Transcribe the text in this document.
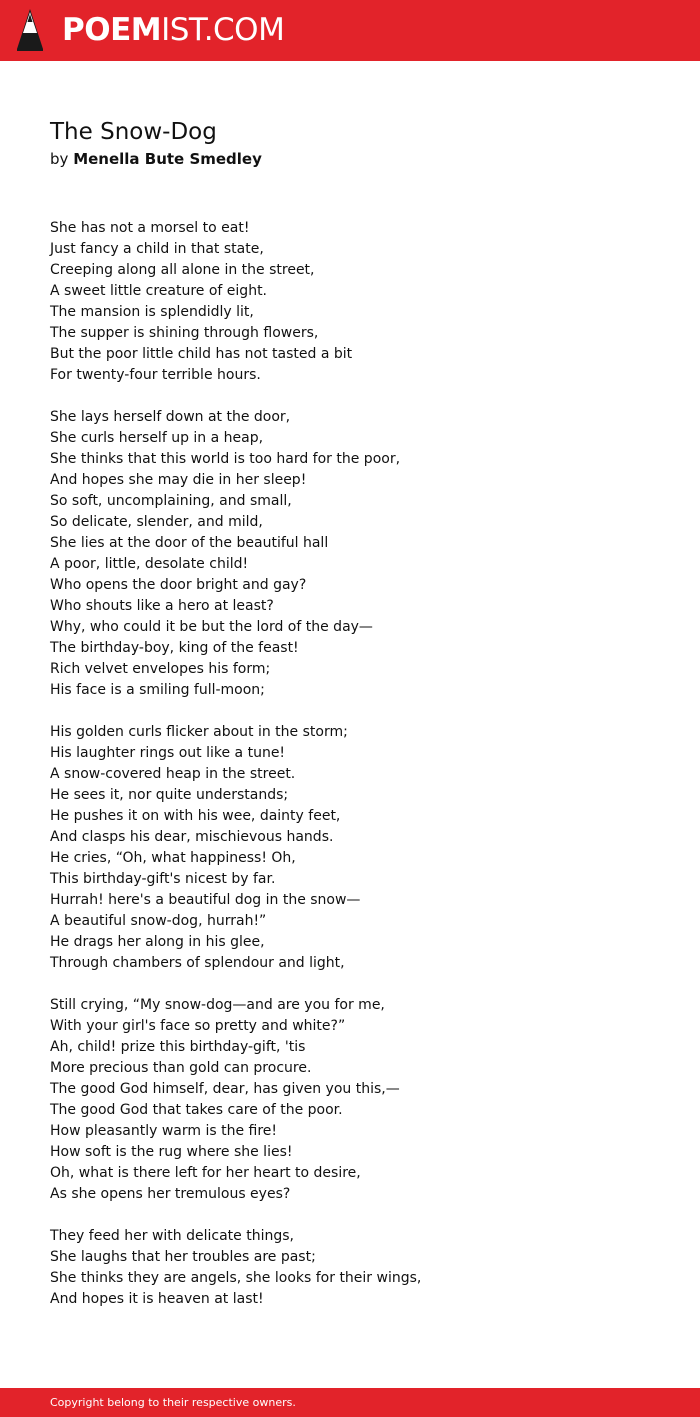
POEMIST.COM
The Snow-Dog
by Menella Bute Smedley
She has not a morsel to eat!
Just fancy a child in that state,
Creeping along all alone in the street,
A sweet little creature of eight.
The mansion is splendidly lit,
The supper is shining through flowers,
But the poor little child has not tasted a bit
For twenty-four terrible hours.
She lays herself down at the door,
She curls herself up in a heap,
She thinks that this world is too hard for the poor,
And hopes she may die in her sleep!
So soft, uncomplaining, and small,
So delicate, slender, and mild,
She lies at the door of the beautiful hall
A poor, little, desolate child!
Who opens the door bright and gay?
Who shouts like a hero at least?
Why, who could it be but the lord of the day—
The birthday-boy, king of the feast!
Rich velvet envelopes his form;
His face is a smiling full-moon;
His golden curls flicker about in the storm;
His laughter rings out like a tune!
A snow-covered heap in the street.
He sees it, nor quite understands;
He pushes it on with his wee, dainty feet,
And clasps his dear, mischievous hands.
He cries, “Oh, what happiness! Oh,
This birthday-gift's nicest by far.
Hurrah! here's a beautiful dog in the snow—
A beautiful snow-dog, hurrah!”
He drags her along in his glee,
Through chambers of splendour and light,
Still crying, “My snow-dog—and are you for me,
With your girl's face so pretty and white?”
Ah, child! prize this birthday-gift, 'tis
More precious than gold can procure.
The good God himself, dear, has given you this,—
The good God that takes care of the poor.
How pleasantly warm is the fire!
How soft is the rug where she lies!
Oh, what is there left for her heart to desire,
As she opens her tremulous eyes?
They feed her with delicate things,
She laughs that her troubles are past;
She thinks they are angels, she looks for their wings,
And hopes it is heaven at last!
Copyright belong to their respective owners.
